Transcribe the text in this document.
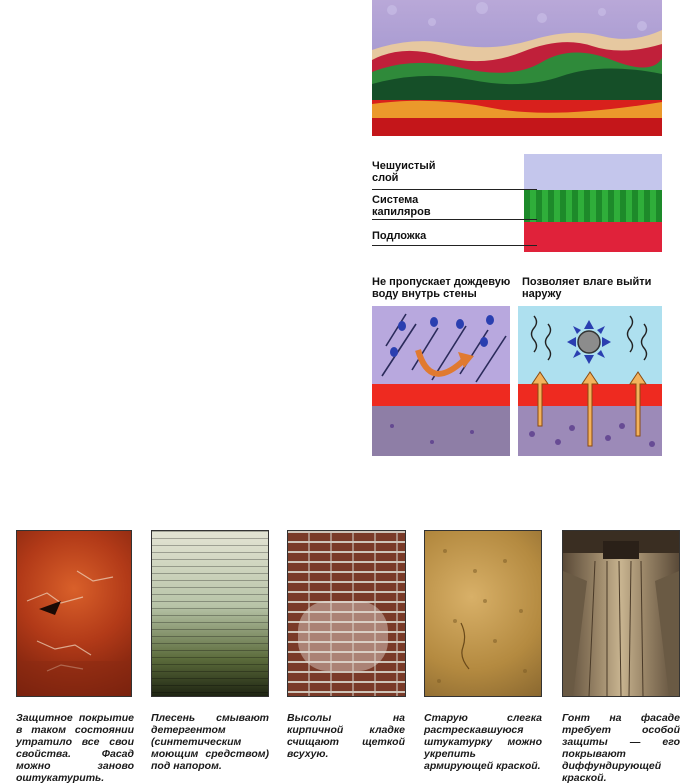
Чешуистый слой
Система капиляров
Подложка
Не пропускает дождевую воду внутрь стены
Позволяет влаге выйти наружу
Защитное покрытие в таком состоянии утратило все свои свойства. Фасад можно заново оштукатурить.
Плесень смывают детергентом (синтетическим моющим средством) под напором.
Высолы на кирпичной кладке счищают щеткой всухую.
Старую слегка растрескавшуюся штукатурку можно укрепить армирующей краской.
Гонт на фасаде требует особой защиты — его покрывают диффундирующей краской.
